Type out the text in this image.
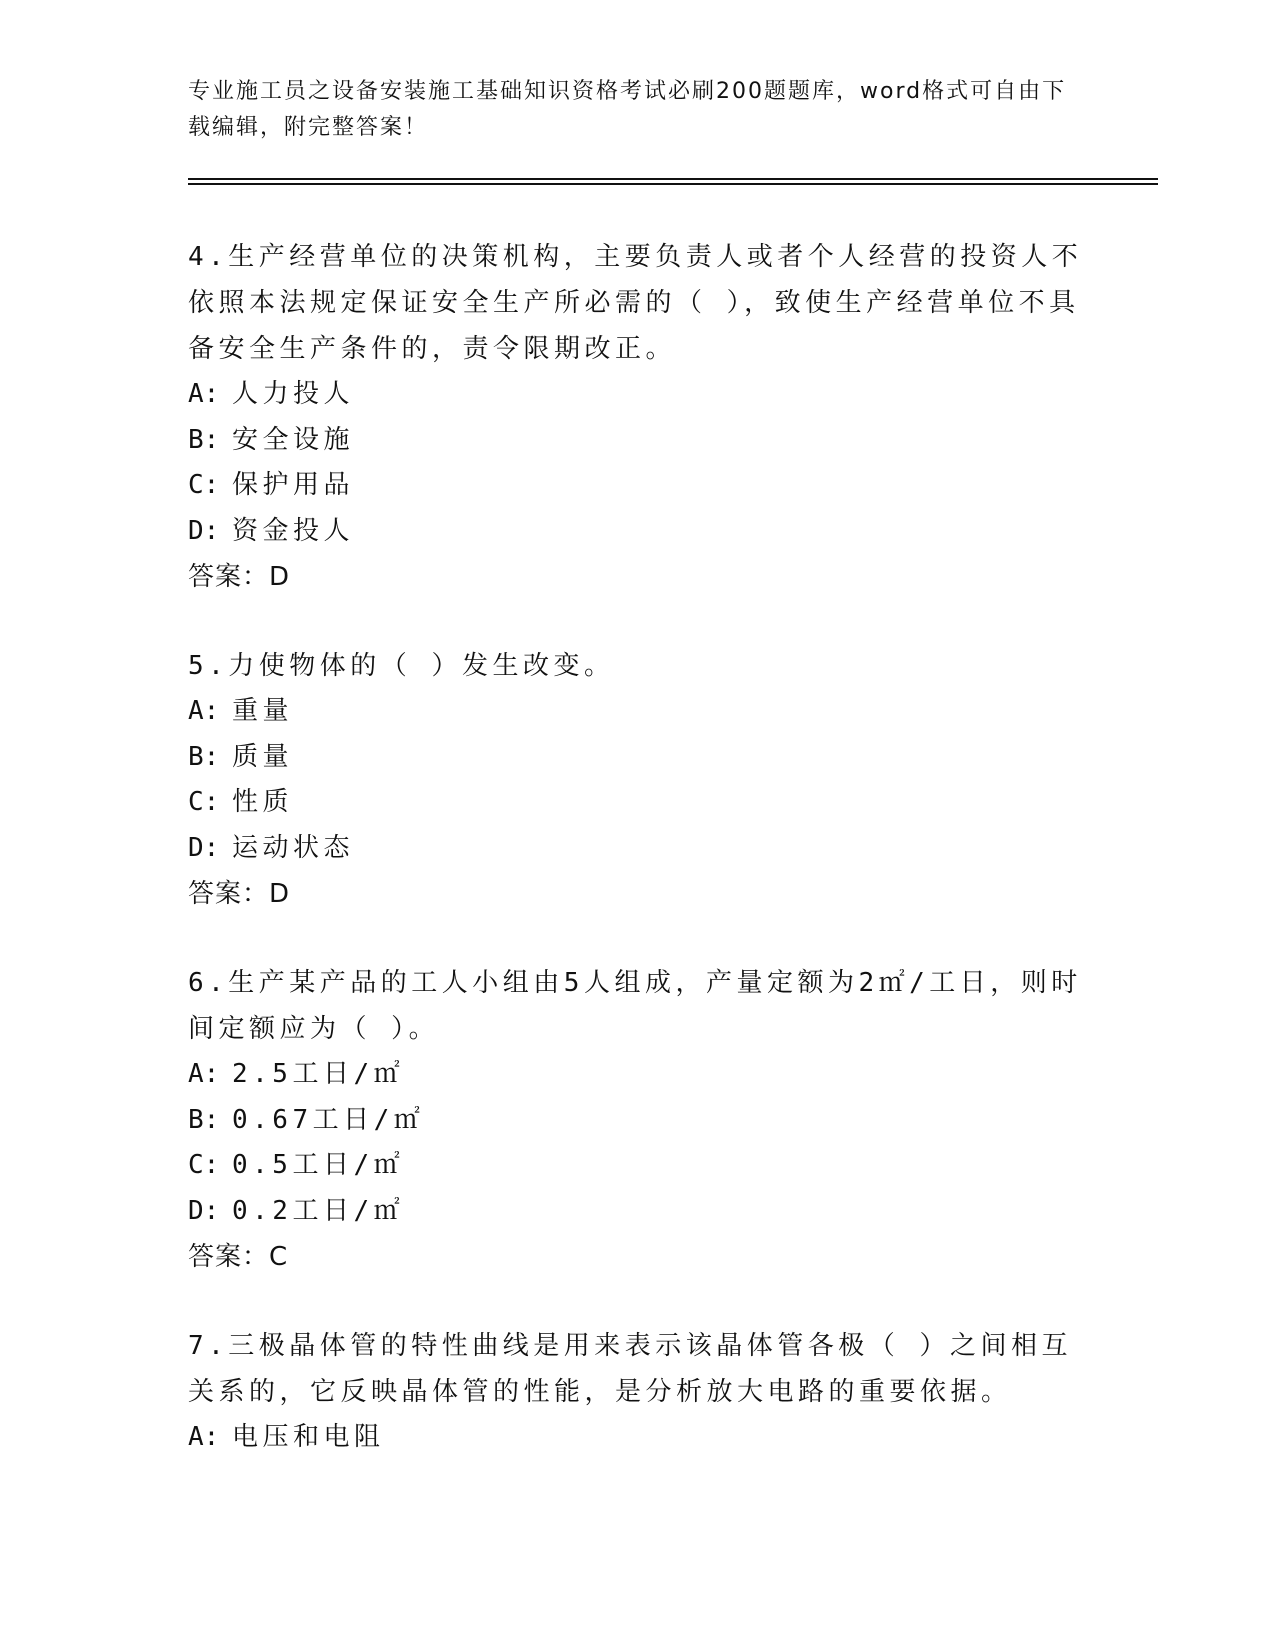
专业施工员之设备安装施工基础知识资格考试必刷200题题库，word格式可自由下载编辑，附完整答案！
4.生产经营单位的决策机构，主要负责人或者个人经营的投资人不依照本法规定保证安全生产所必需的（ ），致使生产经营单位不具备安全生产条件的，责令限期改正。
A: 人力投人
B: 安全设施
C: 保护用品
D: 资金投人
答案：D
5.力使物体的（ ）发生改变。
A: 重量
B: 质量
C: 性质
D: 运动状态
答案：D
6.生产某产品的工人小组由5人组成，产量定额为2㎡/工日，则时间定额应为（ ）。
A: 2.5工日/㎡
B: 0.67工日/㎡
C: 0.5工日/㎡
D: 0.2工日/㎡
答案：C
7.三极晶体管的特性曲线是用来表示该晶体管各极（ ）之间相互关系的，它反映晶体管的性能，是分析放大电路的重要依据。
A: 电压和电阻
